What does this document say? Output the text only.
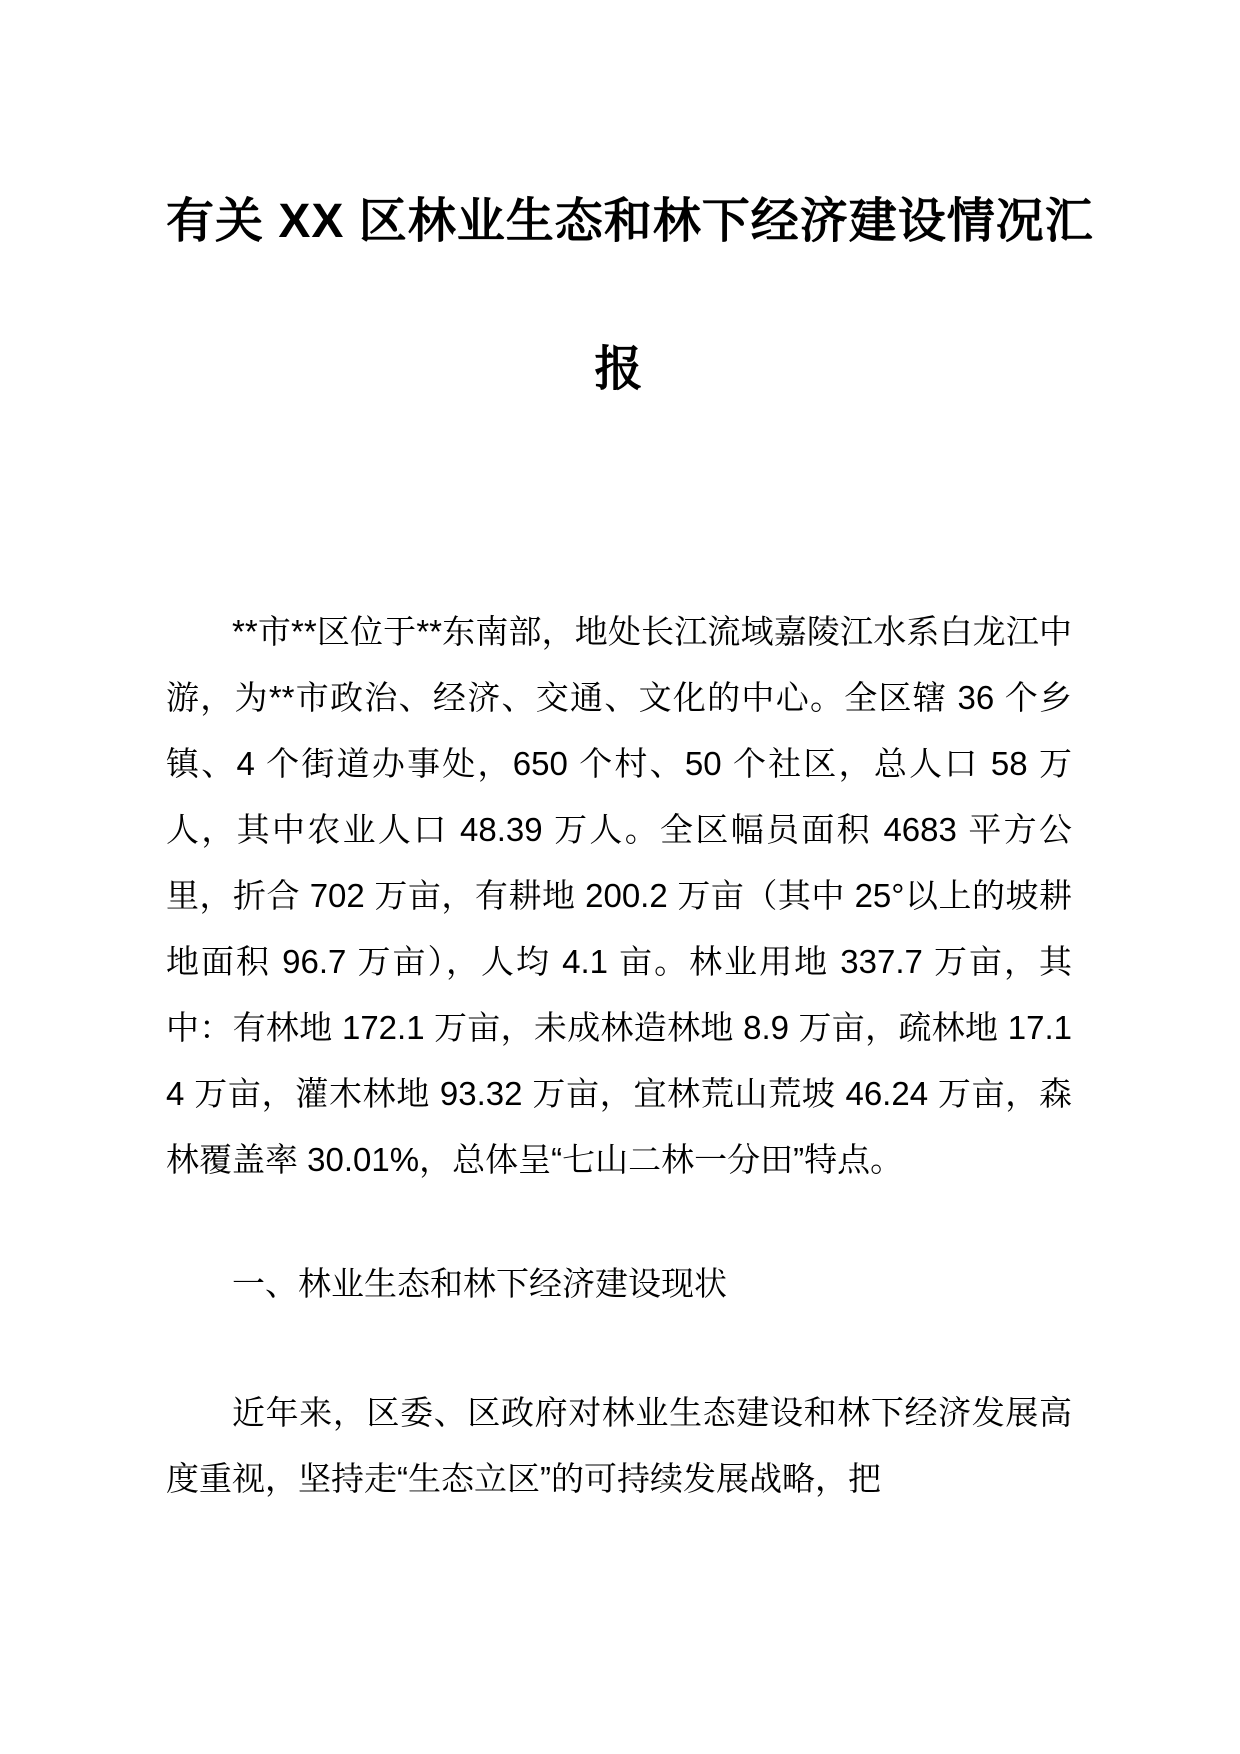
有关 XX 区林业生态和林下经济建设情况汇
报

**市**区位于**东南部，地处长江流域嘉陵江水系白龙江中游，为**市政治、经济、交通、文化的中心。全区辖 36 个乡镇、4 个街道办事处，650 个村、50 个社区，总人口 58 万人，其中农业人口 48.39 万人。全区幅员面积 4683 平方公里，折合 702 万亩，有耕地 200.2 万亩（其中 25°以上的坡耕地面积 96.7 万亩），人均 4.1 亩。林业用地 337.7 万亩，其中：有林地 172.1 万亩，未成林造林地 8.9 万亩，疏林地 17.14 万亩，灌木林地 93.32 万亩，宜林荒山荒坡 46.24 万亩，森林覆盖率 30.01%，总体呈“七山二林一分田”特点。

一、林业生态和林下经济建设现状

近年来，区委、区政府对林业生态建设和林下经济发展高度重视，坚持走“生态立区”的可持续发展战略，把
